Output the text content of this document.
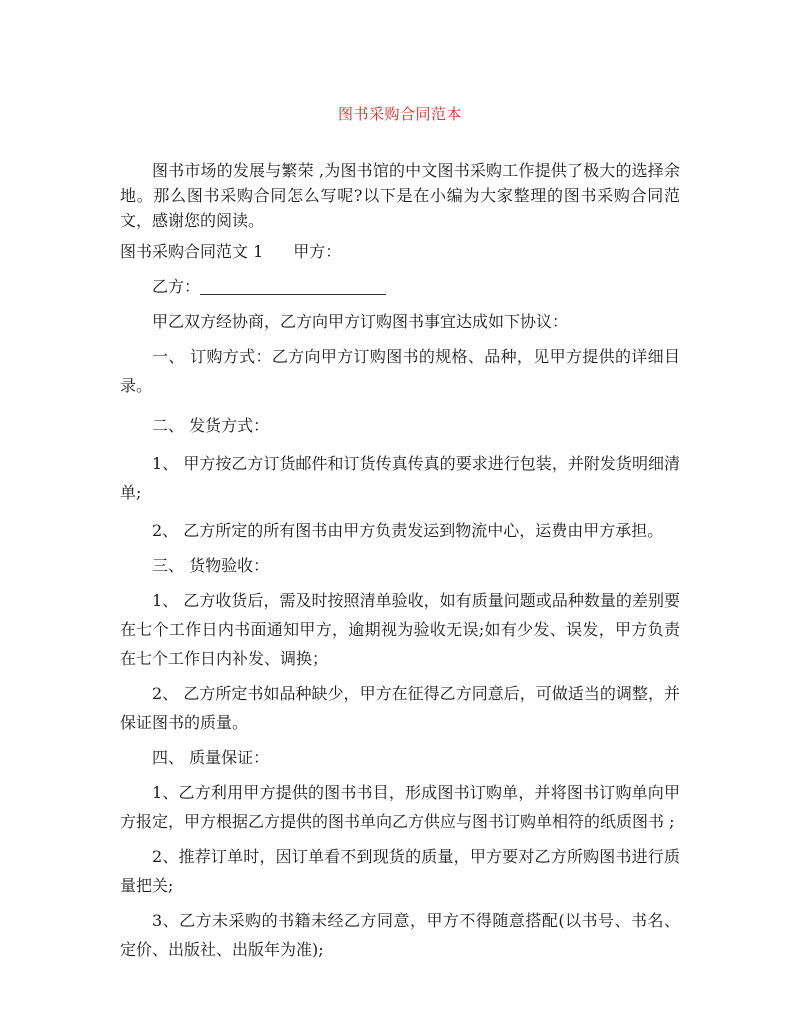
图书采购合同范本

图书市场的发展与繁荣 ,为图书馆的中文图书采购工作提供了极大的选择余地。那么图书采购合同怎么写呢?以下是在小编为大家整理的图书采购合同范文，感谢您的阅读。

图书采购合同范文 1 甲方：

乙方：

甲乙双方经协商，乙方向甲方订购图书事宜达成如下协议：

一、 订购方式：乙方向甲方订购图书的规格、品种，见甲方提供的详细目录。

二、 发货方式：

1、 甲方按乙方订货邮件和订货传真传真的要求进行包装，并附发货明细清单;

2、 乙方所定的所有图书由甲方负责发运到物流中心，运费由甲方承担。

三、 货物验收：

1、 乙方收货后，需及时按照清单验收，如有质量问题或品种数量的差别要在七个工作日内书面通知甲方，逾期视为验收无误;如有少发、误发，甲方负责在七个工作日内补发、调换；

2、 乙方所定书如品种缺少，甲方在征得乙方同意后，可做适当的调整，并保证图书的质量。

四、 质量保证：

1、乙方利用甲方提供的图书书目，形成图书订购单，并将图书订购单向甲方报定，甲方根据乙方提供的图书单向乙方供应与图书订购单相符的纸质图书 ;

2、推荐订单时，因订单看不到现货的质量，甲方要对乙方所购图书进行质量把关;

3、乙方未采购的书籍未经乙方同意，甲方不得随意搭配(以书号、书名、定价、出版社、出版年为准);
